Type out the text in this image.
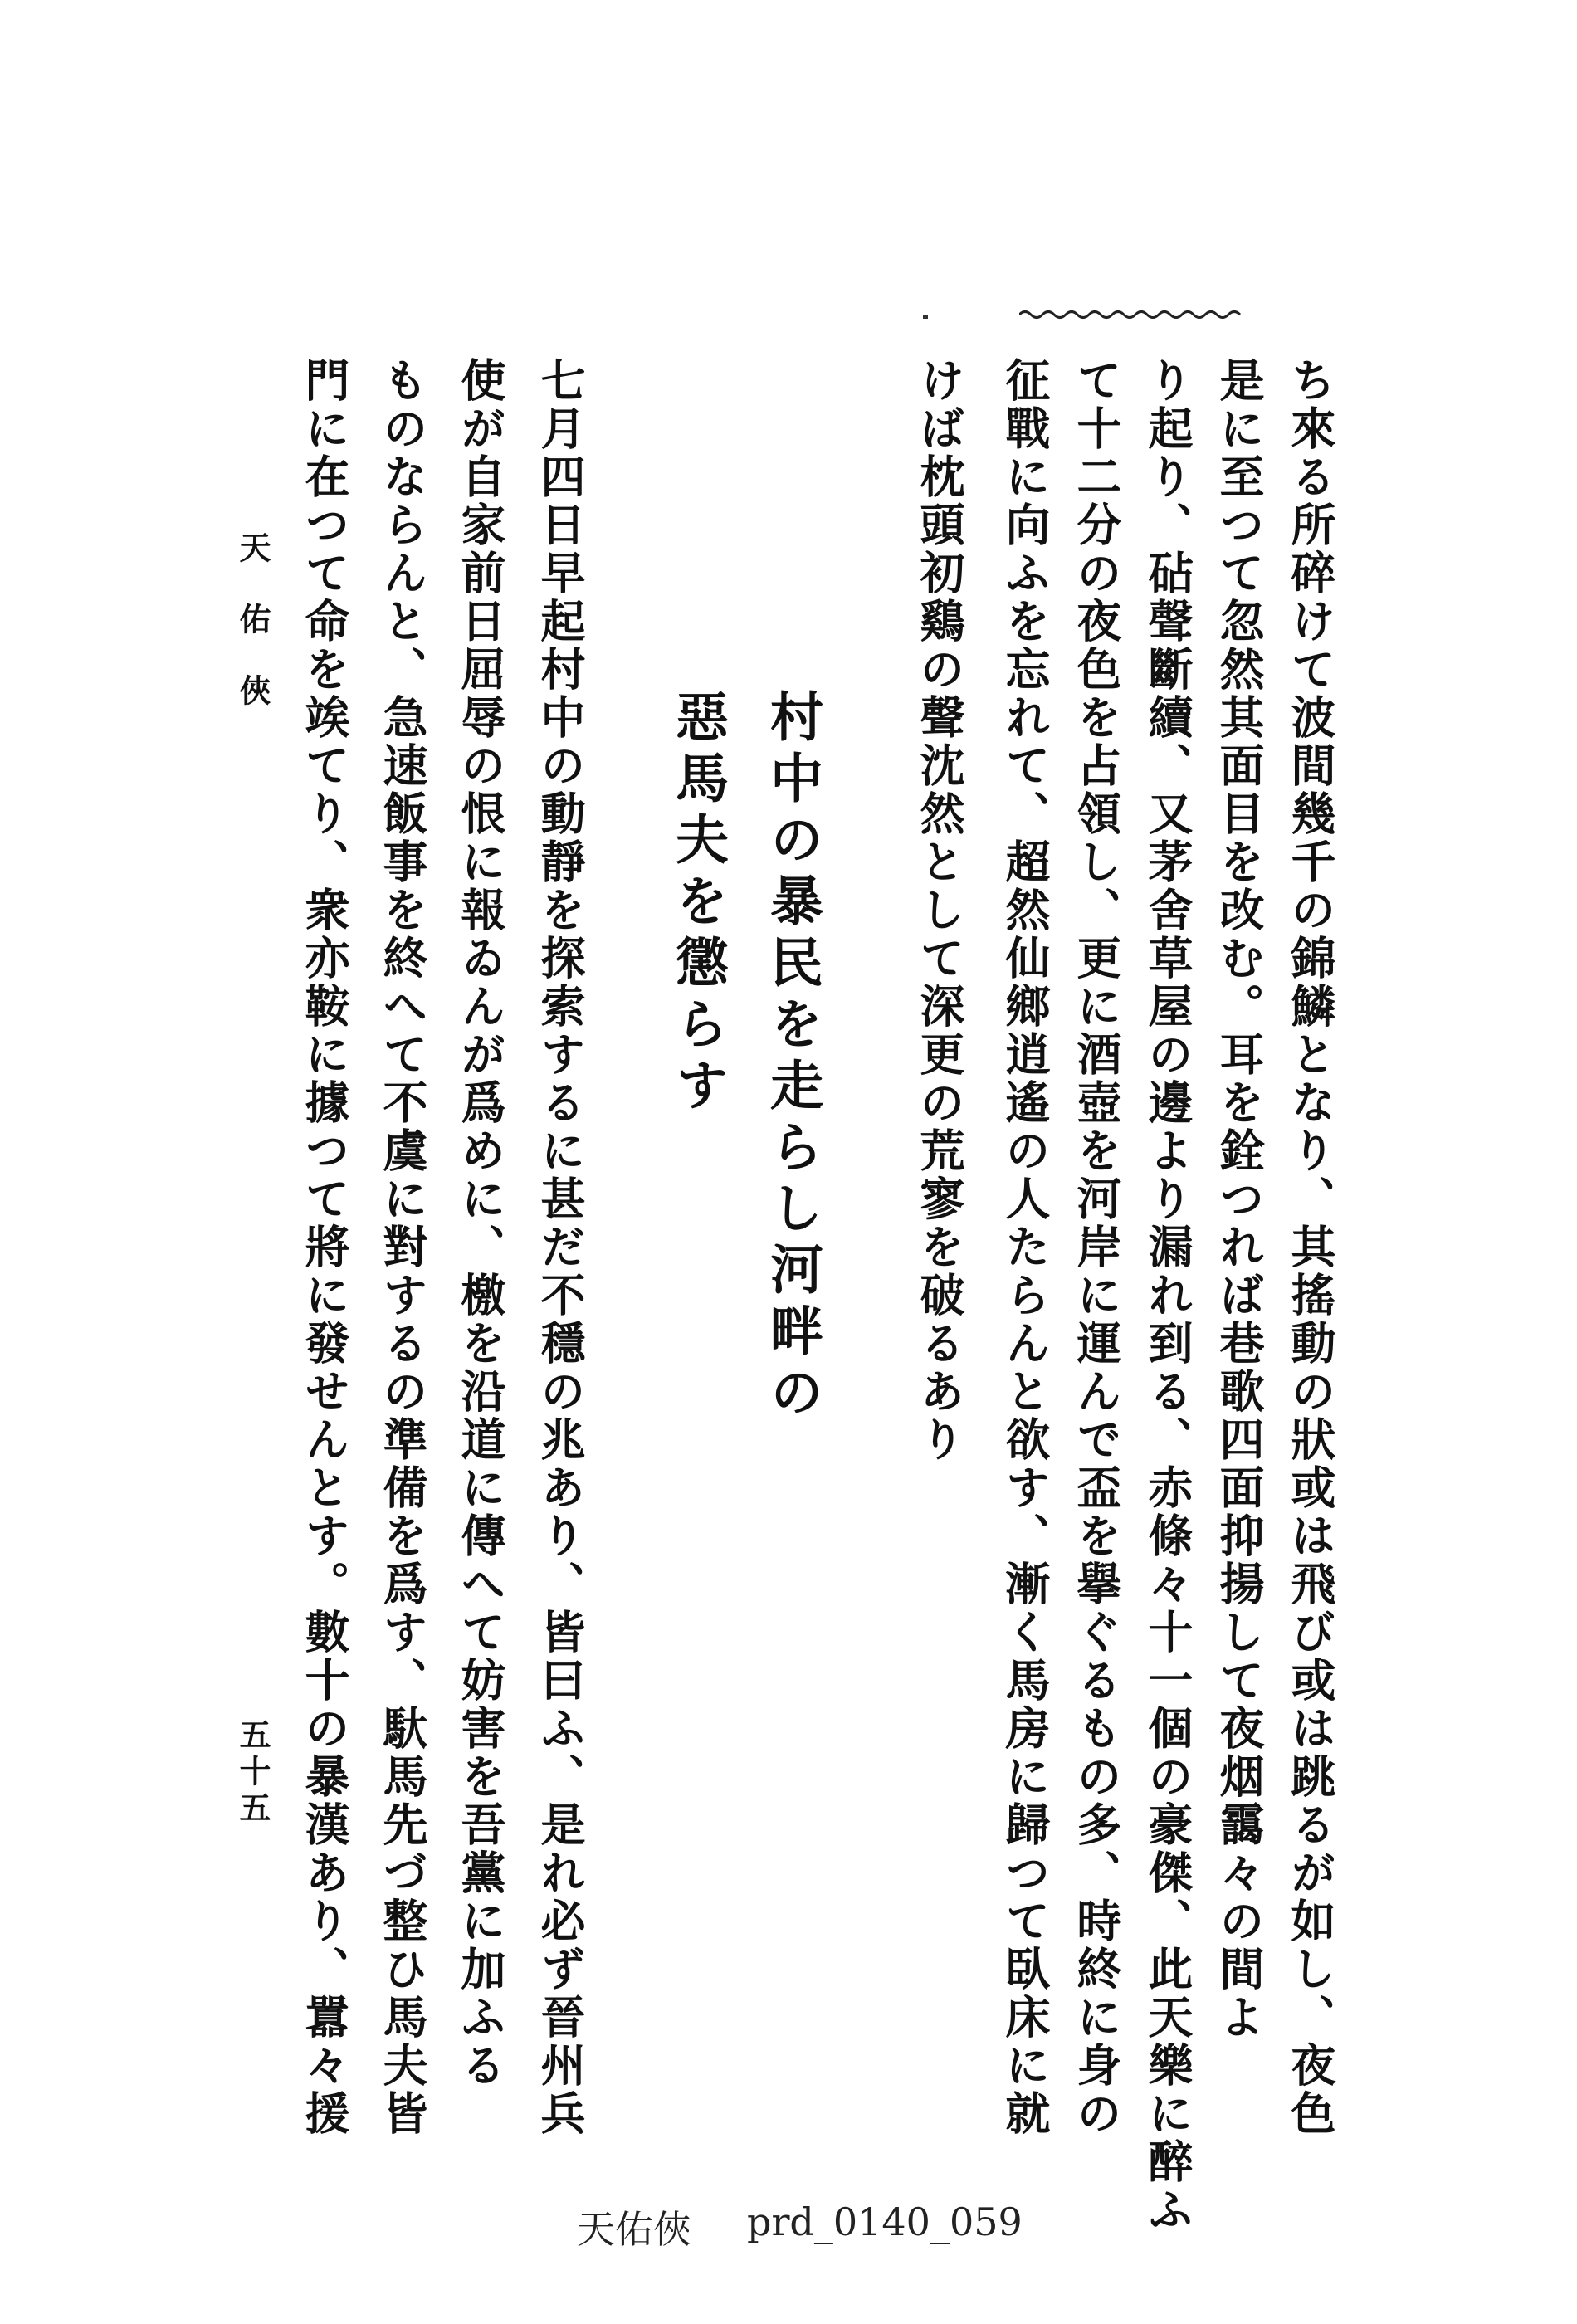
ち來る所碎けて波間幾千の錦鱗となり、其搖動の狀或は飛び或は跳るが如し、夜色
是に至つて忽然其面目を改む。耳を銓つれば巷歌四面抑揚して夜烟靄々の間よ
り起り、砧聲斷續、又茅舍草屋の邊より漏れ到る、赤條々十一個の豪傑、此天樂に醉ふ
て十二分の夜色を占領し、更に酒壺を河岸に運んで盃を擧ぐるもの多、時終に身の
征戰に向ふを忘れて、超然仙鄉逍遙の人たらんと欲す、漸く馬房に歸つて臥床に就
けば枕頭初鷄の聲沈然として深更の荒寥を破るあり
村中の暴民を走らし河畔の
惡馬夫を懲らす
七月四日早起村中の動靜を探索するに甚だ不穩の兆あり、皆曰ふ、是れ必ず晉州兵
使が自家前日屈辱の恨に報ゐんが爲めに、檄を沿道に傳へて妨害を吾黨に加ふる
ものならんと、急速飯事を終へて不虞に對するの準備を爲す、馱馬先づ整ひ馬夫皆
門に在つて命を竢てり、衆亦鞍に據つて將に發せんとす。數十の暴漢あり、囂々援
天佑俠
五十五
天佑俠 prd_0140_059
